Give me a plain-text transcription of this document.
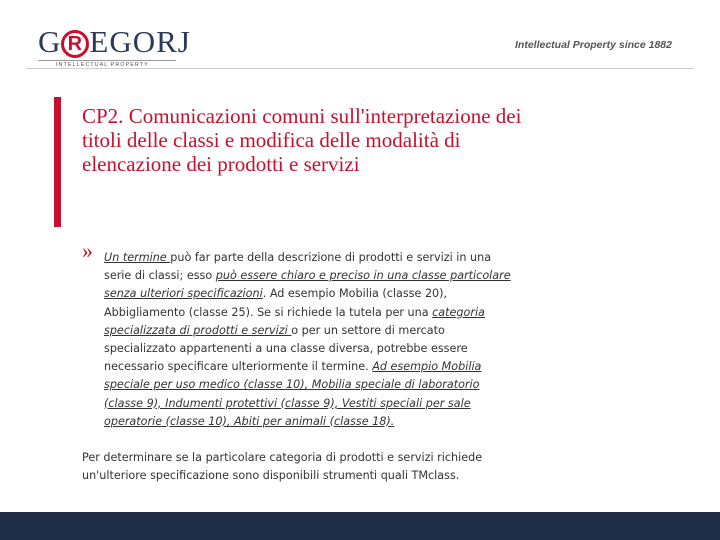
G R EGORJ
INTELLECTUAL PROPERTY
Intellectual Property since 1882
CP2. Comunicazioni comuni sull'interpretazione dei titoli delle classi e modifica delle modalità di elencazione dei prodotti e servizi
» Un termine può far parte della descrizione di prodotti e servizi in una serie di classi; esso può essere chiaro e preciso in una classe particolare senza ulteriori specificazioni. Ad esempio Mobilia (classe 20), Abbigliamento (classe 25). Se si richiede la tutela per una categoria specializzata di prodotti e servizi o per un settore di mercato specializzato appartenenti a una classe diversa, potrebbe essere necessario specificare ulteriormente il termine. Ad esempio Mobilia speciale per uso medico (classe 10), Mobilia speciale di laboratorio (classe 9), Indumenti protettivi (classe 9), Vestiti speciali per sale operatorie (classe 10), Abiti per animali (classe 18).
Per determinare se la particolare categoria di prodotti e servizi richiede un'ulteriore specificazione sono disponibili strumenti quali TMclass.
